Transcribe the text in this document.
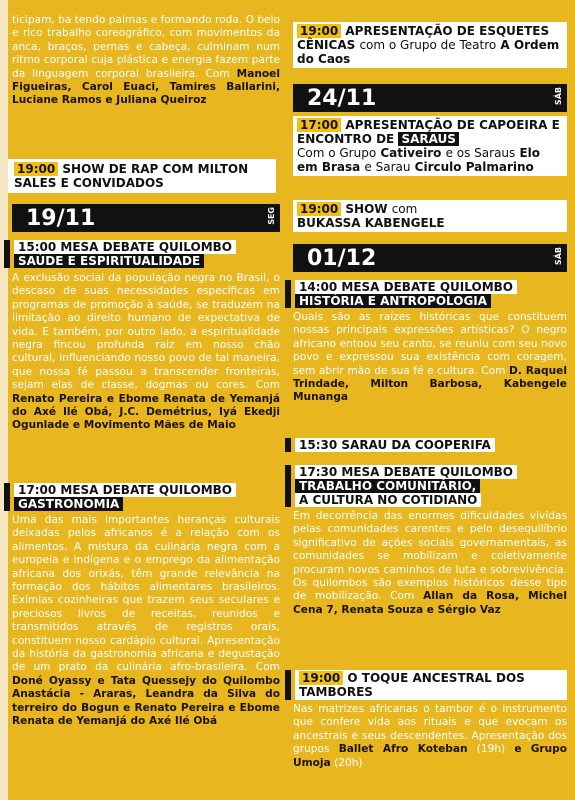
ticipam, ba tendo palmas e formando roda. O belo e rico trabalho coreográfico, com movimentos da anca, braços, pernas e cabeça, culminam num ritmo corporal cuja plástica e energia fazem parte da linguagem corporal brasileira. Com Manoel Figueiras, Carol Euaci, Tamires Ballarini, Luciane Ramos e Juliana Queiroz

19:00 SHOW DE RAP COM MILTON SALES E CONVIDADOS
19/11	SEG
15:00 MESA DEBATE QUILOMBO
SAÚDE E ESPIRITUALIDADE

A exclusão social da população negra no Brasil, o descaso de suas necessidades específicas em programas de promoção à saúde, se traduzem na limitação ao direito humano de expectativa de vida. E também, por outro lado, a espiritualidade negra fincou profunda raiz em nosso chão cultural, influenciando nosso povo de tal maneira, que nossa fé passou a transcender fronteiras, sejam elas de classe, dogmas ou cores. Com Renato Pereira e Ebome Renata de Yemanjá do Axé Ilé Obá, J.C. Demétrius, Iyá Ekedji Ogunlade e Movimento Mães de Maio

17:00 MESA DEBATE QUILOMBO
GASTRONOMIA

Uma das mais importantes heranças culturais deixadas pelos africanos é a relação com os alimentos. A mistura da culinária negra com a europeia e indígena e o emprego da alimentação africana dos orixás, têm grande relevância na formação dos hábitos alimentares brasileiros. Exímias cozinheiras que trazem seus seculares e preciosos livros de receitas, reunidos e transmitidos através de registros orais, constituem nosso cardápio cultural. Apresentação da história da gastronomia africana e degustação de um prato da culinária afro-brasileira. Com Doné Oyassy e Tata Quessejy do Quilombo Anastácia - Araras, Leandra da Silva do terreiro do Bogun e Renato Pereira e Ebome Renata de Yemanjá do Axé Ilé Obá

19:00 APRESENTAÇÃO DE ESQUETES CÊNICAS com o Grupo de Teatro A Ordem do Caos
24/11	SÁB
17:00 APRESENTAÇÃO DE CAPOEIRA E ENCONTRO DE SARAUS
Com o Grupo Cativeiro e os Saraus Elo em Brasa e Sarau Circulo Palmarino
19:00 SHOW com
BUKASSA KABENGELE
01/12	SÁB
14:00 MESA DEBATE QUILOMBO
HISTÓRIA E ANTROPOLOGIA

Quais são as raízes históricas que constituem nossas principais expressões artísticas? O negro africano entoou seu canto, se reuniu com seu novo povo e expressou sua existência com coragem, sem abrir mão de sua fé e cultura. Com D. Raquel Trindade, Milton Barbosa, Kabengele Munanga

15:30 SARAU DA COOPERIFA
17:30 MESA DEBATE QUILOMBO
TRABALHO COMUNITÁRIO,
A CULTURA NO COTIDIANO

Em decorrência das enormes dificuldades vividas pelas comunidades carentes e pelo desequilíbrio significativo de ações sociais governamentais, as comunidades se mobilizam e coletivamente procuram novos caminhos de luta e sobrevivência. Os quilombos são exemplos históricos desse tipo de mobilização. Com Allan da Rosa, Michel Cena 7, Renata Souza e Sérgio Vaz

19:00 O TOQUE ANCESTRAL DOS TAMBORES

Nas matrizes africanas o tambor é o instrumento que confere vida aos rituais e que evocam os ancestrais e seus descendentes. Apresentação dos grupos Ballet Afro Koteban (19h) e Grupo Umoja (20h)
